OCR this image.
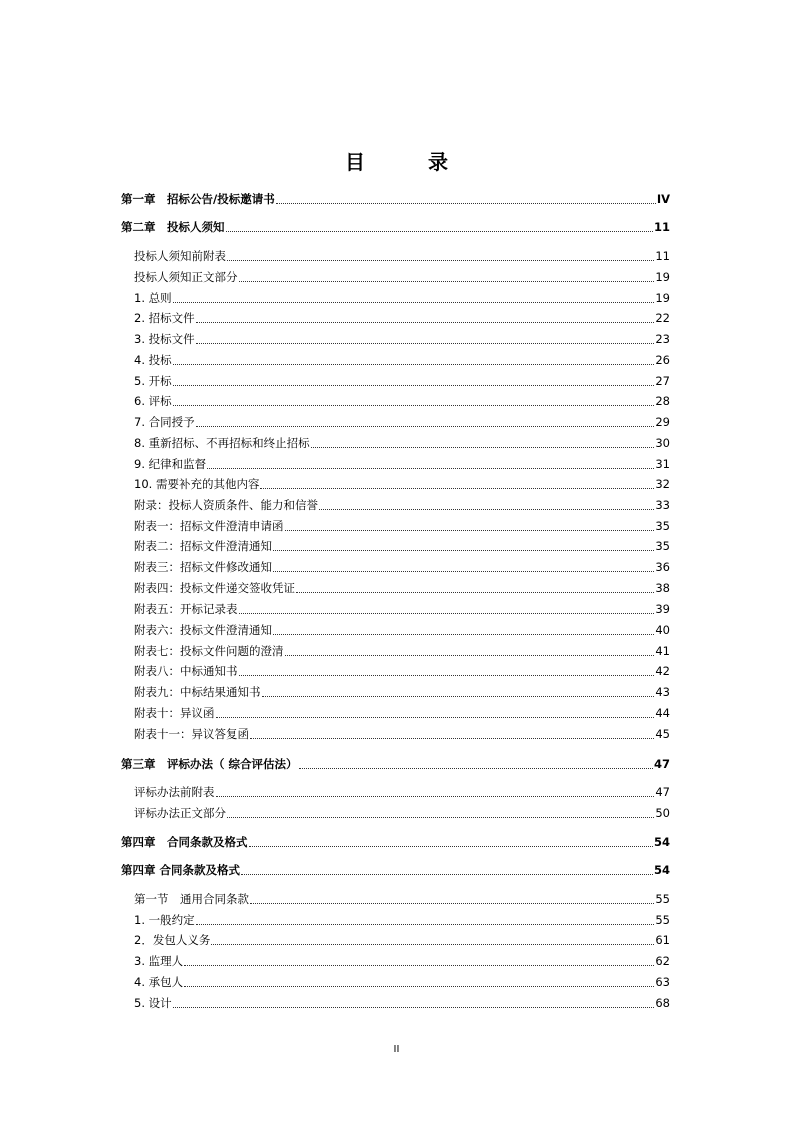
目 录
第一章　招标公告/投标邀请书	IV
第二章　投标人须知	11
投标人须知前附表	11
投标人须知正文部分	19
1. 总则	19
2. 招标文件	22
3. 投标文件	23
4. 投标	26
5. 开标	27
6. 评标	28
7. 合同授予	29
8. 重新招标、不再招标和终止招标	30
9. 纪律和监督	31
10. 需要补充的其他内容	32
附录：投标人资质条件、能力和信誉	33
附表一：招标文件澄清申请函	35
附表二：招标文件澄清通知	35
附表三：招标文件修改通知	36
附表四：投标文件递交签收凭证	38
附表五：开标记录表	39
附表六：投标文件澄清通知	40
附表七：投标文件问题的澄清	41
附表八：中标通知书	42
附表九：中标结果通知书	43
附表十：异议函	44
附表十一：异议答复函	45
第三章　评标办法（ 综合评估法）	47
评标办法前附表	47
评标办法正文部分	50
第四章　合同条款及格式	54
第四章 合同条款及格式	54
第一节　通用合同条款	55
1. 一般约定	55
2．发包人义务	61
3. 监理人	62
4. 承包人	63
5. 设计	68
II
